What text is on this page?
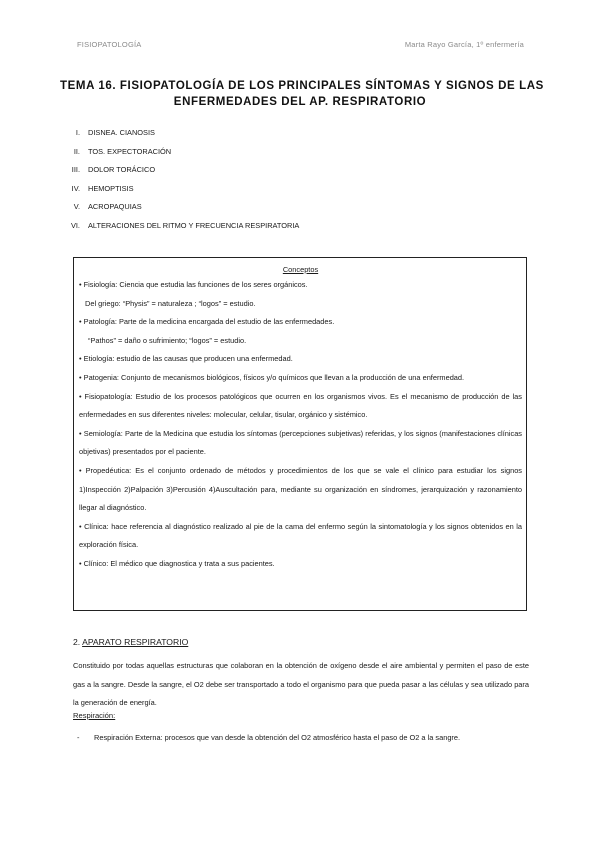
FISIOPATOLOGÍA	Marta Rayo García, 1º enfermería
TEMA 16. FISIOPATOLOGÍA DE LOS PRINCIPALES SÍNTOMAS Y SIGNOS DE LAS
ENFERMEDADES DEL AP. RESPIRATORIO
I. DISNEA. CIANOSIS
II. TOS. EXPECTORACIÓN
III. DOLOR TORÁCICO
IV. HEMOPTISIS
V. ACROPAQUIAS
VI. ALTERACIONES DEL RITMO Y FRECUENCIA RESPIRATORIA
Conceptos

• Fisiología: Ciencia que estudia las funciones de los seres orgánicos.

Del griego: “Physis” = naturaleza ; “logos” = estudio.

• Patología: Parte de la medicina encargada del estudio de las enfermedades.

“Pathos” = daño o sufrimiento; “logos” = estudio.

• Etiología: estudio de las causas que producen una enfermedad.

• Patogenia: Conjunto de mecanismos biológicos, físicos y/o químicos que llevan a la producción de una enfermedad.

• Fisiopatología: Estudio de los procesos patológicos que ocurren en los organismos vivos. Es el mecanismo de producción de las enfermedades en sus diferentes niveles: molecular, celular, tisular, orgánico y sistémico.

• Semiología: Parte de la Medicina que estudia los síntomas (percepciones subjetivas) referidas, y los signos (manifestaciones clínicas objetivas) presentados por el paciente.

• Propedéutica: Es el conjunto ordenado de métodos y procedimientos de los que se vale el clínico para estudiar los signos 1)Inspección 2)Palpación 3)Percusión 4)Auscultación para, mediante su organización en síndromes, jerarquización y razonamiento llegar al diagnóstico.

• Clínica: hace referencia al diagnóstico realizado al pie de la cama del enfermo según la sintomatología y los signos obtenidos en la exploración física.

• Clínico: El médico que diagnostica y trata a sus pacientes.

2. APARATO RESPIRATORIO
Constituido por todas aquellas estructuras que colaboran en la obtención de oxígeno desde el aire ambiental y permiten el paso de este gas a la sangre. Desde la sangre, el O2 debe ser transportado a todo el organismo para que pueda pasar a las células y sea utilizado para la generación de energía.
Respiración:
- Respiración Externa: procesos que van desde la obtención del O2 atmosférico hasta el paso de O2 a la sangre.
